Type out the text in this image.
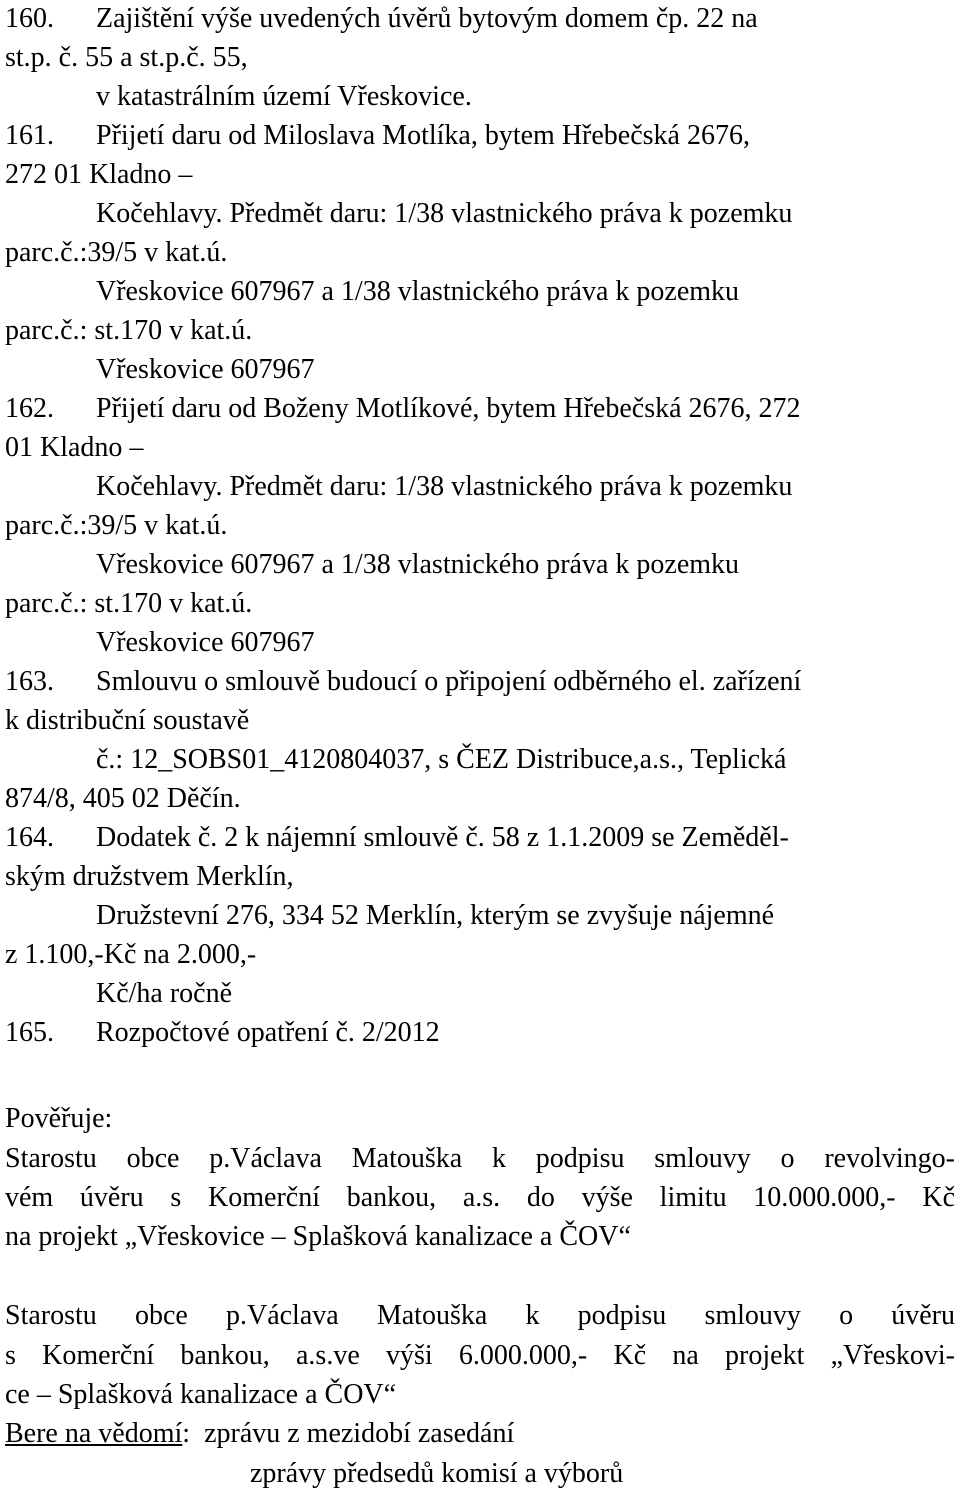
160. Zajištění výše uvedených úvěrů bytovým domem čp. 22 na
st.p. č. 55 a st.p.č. 55,
v katastrálním území Vřeskovice.
161. Přijetí daru od Miloslava Motlíka, bytem Hřebečská 2676,
272 01 Kladno –
Kočehlavy. Předmět daru: 1/38 vlastnického práva k pozemku
parc.č.:39/5 v kat.ú.
Vřeskovice 607967 a 1/38 vlastnického práva k pozemku
parc.č.: st.170 v kat.ú.
Vřeskovice 607967
162. Přijetí daru od Boženy Motlíkové, bytem Hřebečská 2676, 272
01 Kladno –
Kočehlavy. Předmět daru: 1/38 vlastnického práva k pozemku
parc.č.:39/5 v kat.ú.
Vřeskovice 607967 a 1/38 vlastnického práva k pozemku
parc.č.: st.170 v kat.ú.
Vřeskovice 607967
163. Smlouvu o smlouvě budoucí o připojení odběrného el. zařízení
k distribuční soustavě
č.: 12_SOBS01_4120804037, s ČEZ Distribuce,a.s., Teplická
874/8, 405 02 Děčín.
164. Dodatek č. 2 k nájemní smlouvě č. 58 z 1.1.2009 se Zeměděl-
ským družstvem Merklín,
Družstevní 276, 334 52 Merklín, kterým se zvyšuje nájemné
z 1.100,-Kč na 2.000,-
Kč/ha ročně
165. Rozpočtové opatření č. 2/2012
Pověřuje:
Starostu obce p.Václava Matouška k podpisu smlouvy o revolvingo-
vém úvěru s Komerční bankou, a.s. do výše limitu 10.000.000,- Kč
na projekt „Vřeskovice – Splašková kanalizace a ČOV“
Starostu obce p.Václava Matouška k podpisu smlouvy o úvěru
s Komerční bankou, a.s.ve výši 6.000.000,- Kč na projekt „Vřeskovi-
ce – Splašková kanalizace a ČOV“
Bere na vědomí: zprávu z mezidobí zasedání
zprávy předsedů komisí a výborů
